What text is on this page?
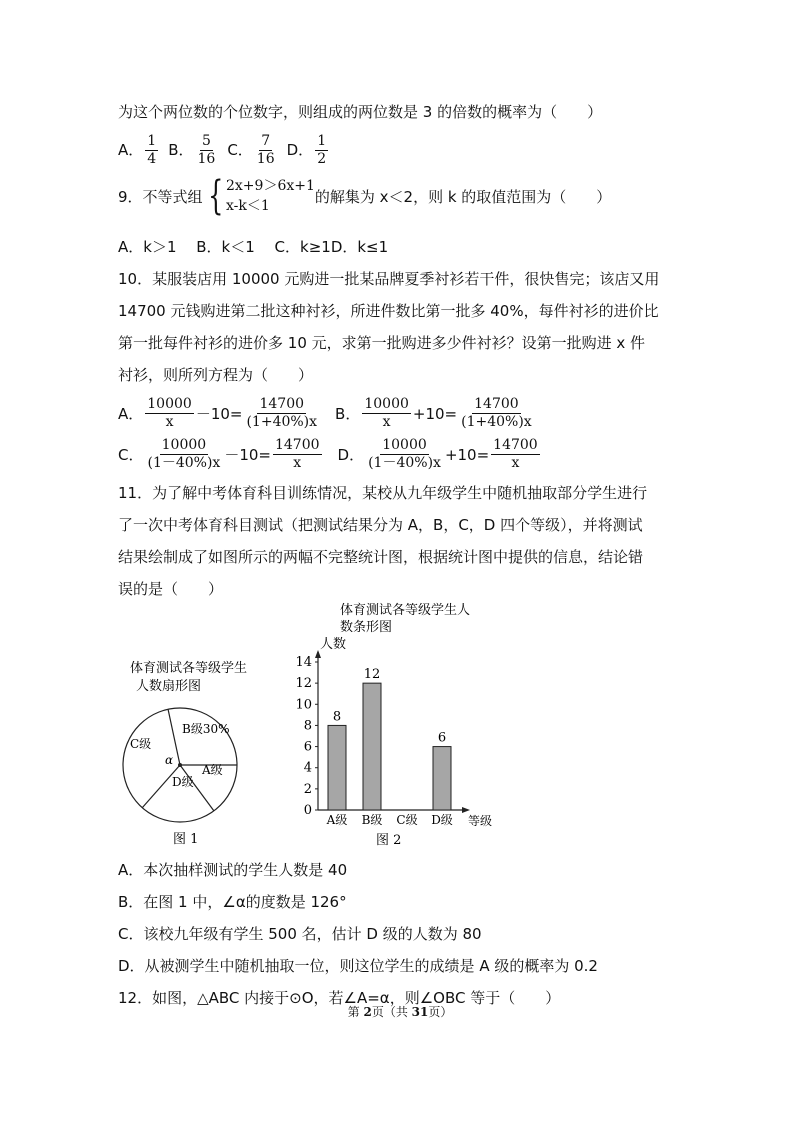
为这个两位数的个位数字，则组成的两位数是 3 的倍数的概率为（　　）
A． $\frac{1}{4}$ B． $\frac{5}{16}$ C． $\frac{7}{16}$ D． $\frac{1}{2}$
9．不等式组 { 2x+9＞6x+1
x-k＜1
的解集为 x＜2，则 k 的取值范围为（　　）
A．k＞1　 B．k＜1　 C．k≥1D．k≤1
10．某服装店用 10000 元购进一批某品牌夏季衬衫若干件，很快售完；该店又用
14700 元钱购进第二批这种衬衫，所进件数比第一批多 40%，每件衬衫的进价比
第一批每件衬衫的进价多 10 元，求第一批购进多少件衬衫？设第一批购进 x 件
衬衫，则所列方程为（　　）
A． $\frac{10000}{x} -10= \frac{14700}{(1+40\%)x}$ B． $\frac{10000}{x} +10= \frac{14700}{(1+40\%)x}$
C． $\frac{10000}{(1-40\%)x} -10= \frac{14700}{x}$ D． $\frac{10000}{(1-40\%)x} +10= \frac{14700}{x}$
11．为了解中考体育科目训练情况，某校从九年级学生中随机抽取部分学生进行
了一次中考体育科目测试（把测试结果分为 A，B，C，D 四个等级），并将测试
结果绘制成了如图所示的两幅不完整统计图，根据统计图中提供的信息，结论错
误的是（　　）
体育测试各等级学生
人数扇形图
B级30%
C级
A级
D级
α
图 1
体育测试各等级学生人
数条形图
人数
0
2
4
6
8
10
12
14
8
12
6
A级 B级 C级 D级 等级
图 2
A．本次抽样测试的学生人数是 40
B．在图 1 中，∠α的度数是 126°
C．该校九年级有学生 500 名，估计 D 级的人数为 80
D．从被测学生中随机抽取一位，则这位学生的成绩是 A 级的概率为 0.2
12．如图，△ABC 内接于⊙O，若∠A=α，则∠OBC 等于（　　）
第 2页（共 31页）
